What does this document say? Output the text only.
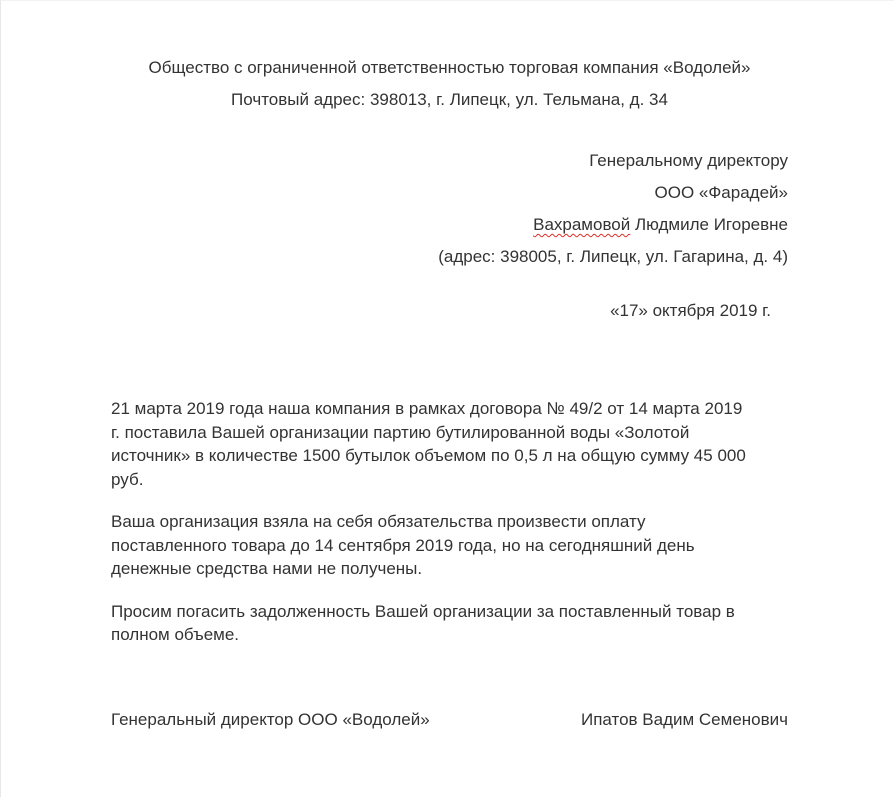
Общество с ограниченной ответственностью торговая компания «Водолей»
Почтовый адрес: 398013, г. Липецк, ул. Тельмана, д. 34
Генеральному директору
ООО «Фарадей»
Вахрамовой Людмиле Игоревне
(адрес: 398005, г. Липецк, ул. Гагарина, д. 4)
«17» октября 2019 г.
21 марта 2019 года наша компания в рамках договора № 49/2 от 14 марта 2019
г. поставила Вашей организации партию бутилированной воды «Золотой
источник» в количестве 1500 бутылок объемом по 0,5 л на общую сумму 45 000
руб.
Ваша организация взяла на себя обязательства произвести оплату
поставленного товара до 14 сентября 2019 года, но на сегодняшний день
денежные средства нами не получены.
Просим погасить задолженность Вашей организации за поставленный товар в
полном объеме.
Генеральный директор ООО «Водолей»	Ипатов Вадим Семенович
